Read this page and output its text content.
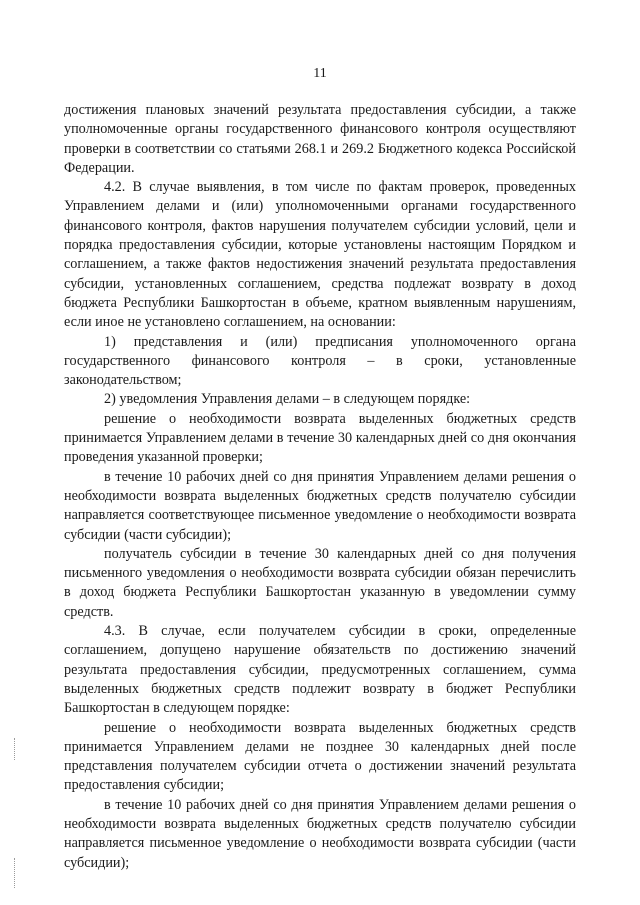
11

достижения плановых значений результата предоставления субсидии, а также уполномоченные органы государственного финансового контроля осуществляют проверки в соответствии со статьями 268.1 и 269.2 Бюджетного кодекса Российской Федерации.

4.2. В случае выявления, в том числе по фактам проверок, проведенных Управлением делами и (или) уполномоченными органами государственного финансового контроля, фактов нарушения получателем субсидии условий, цели и порядка предоставления субсидии, которые установлены настоящим Порядком и соглашением, а также фактов недостижения значений результата предоставления субсидии, установленных соглашением, средства подлежат возврату в доход бюджета Республики Башкортостан в объеме, кратном выявленным нарушениям, если иное не установлено соглашением, на основании:

1) представления и (или) предписания уполномоченного органа государственного финансового контроля – в сроки, установленные законодательством;

2) уведомления Управления делами – в следующем порядке:

решение о необходимости возврата выделенных бюджетных средств принимается Управлением делами в течение 30 календарных дней со дня окончания проведения указанной проверки;

в течение 10 рабочих дней со дня принятия Управлением делами решения о необходимости возврата выделенных бюджетных средств получателю субсидии направляется соответствующее письменное уведомление о необходимости возврата субсидии (части субсидии);

получатель субсидии в течение 30 календарных дней со дня получения письменного уведомления о необходимости возврата субсидии обязан перечислить в доход бюджета Республики Башкортостан указанную в уведомлении сумму средств.

4.3. В случае, если получателем субсидии в сроки, определенные соглашением, допущено нарушение обязательств по достижению значений результата предоставления субсидии, предусмотренных соглашением, сумма выделенных бюджетных средств подлежит возврату в бюджет Республики Башкортостан в следующем порядке:

решение о необходимости возврата выделенных бюджетных средств принимается Управлением делами не позднее 30 календарных дней после представления получателем субсидии отчета о достижении значений результата предоставления субсидии;

в течение 10 рабочих дней со дня принятия Управлением делами решения о необходимости возврата выделенных бюджетных средств получателю субсидии направляется письменное уведомление о необходимости возврата субсидии (части субсидии);
